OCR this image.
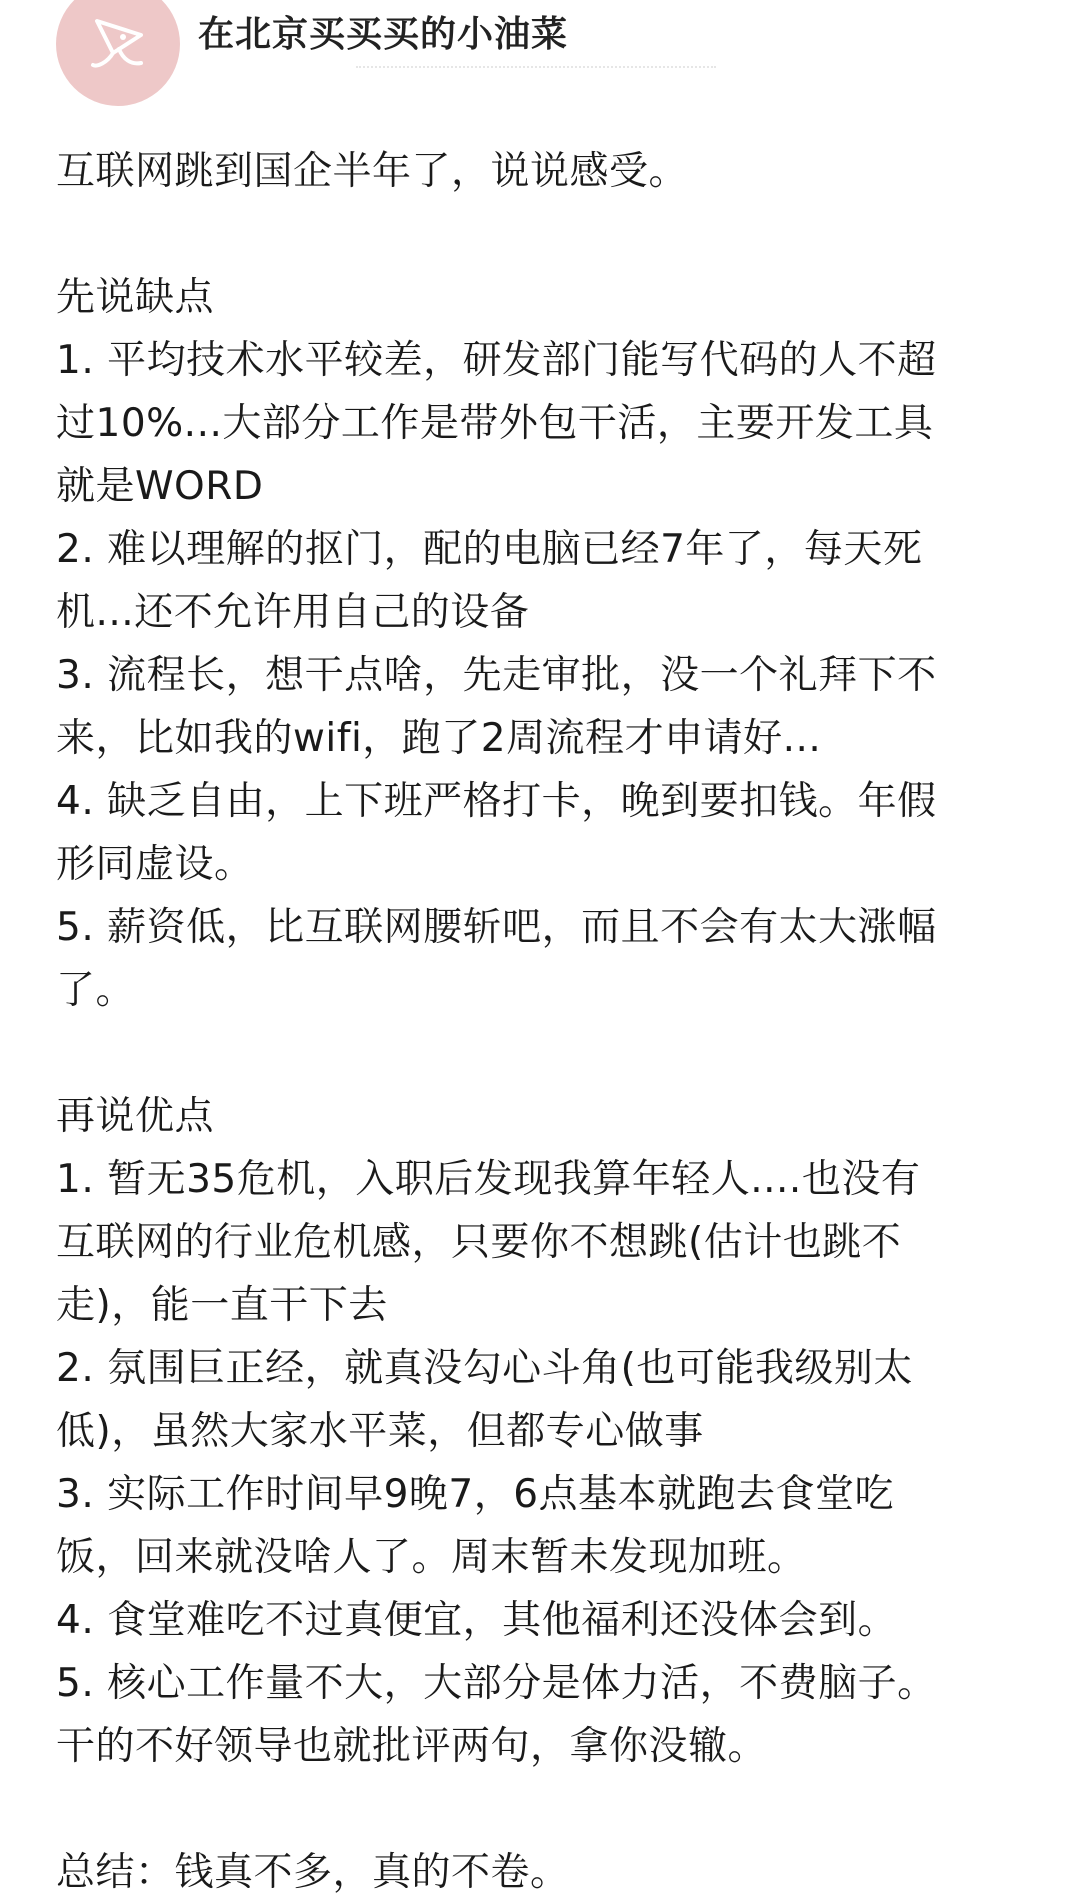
在北京买买买的小油菜
互联网跳到国企半年了，说说感受。
先说缺点
1. 平均技术水平较差，研发部门能写代码的人不超
过10%...大部分工作是带外包干活，主要开发工具
就是WORD
2. 难以理解的抠门，配的电脑已经7年了，每天死
机...还不允许用自己的设备
3. 流程长，想干点啥，先走审批，没一个礼拜下不
来，比如我的wifi，跑了2周流程才申请好...
4. 缺乏自由，上下班严格打卡，晚到要扣钱。年假
形同虚设。
5. 薪资低，比互联网腰斩吧，而且不会有太大涨幅
了。
再说优点
1. 暂无35危机，入职后发现我算年轻人....也没有
互联网的行业危机感，只要你不想跳(估计也跳不
走)，能一直干下去
2. 氛围巨正经，就真没勾心斗角(也可能我级别太
低)，虽然大家水平菜，但都专心做事
3. 实际工作时间早9晚7，6点基本就跑去食堂吃
饭，回来就没啥人了。周末暂未发现加班。
4. 食堂难吃不过真便宜，其他福利还没体会到。
5. 核心工作量不大，大部分是体力活，不费脑子。
干的不好领导也就批评两句，拿你没辙。
总结：钱真不多，真的不卷。
